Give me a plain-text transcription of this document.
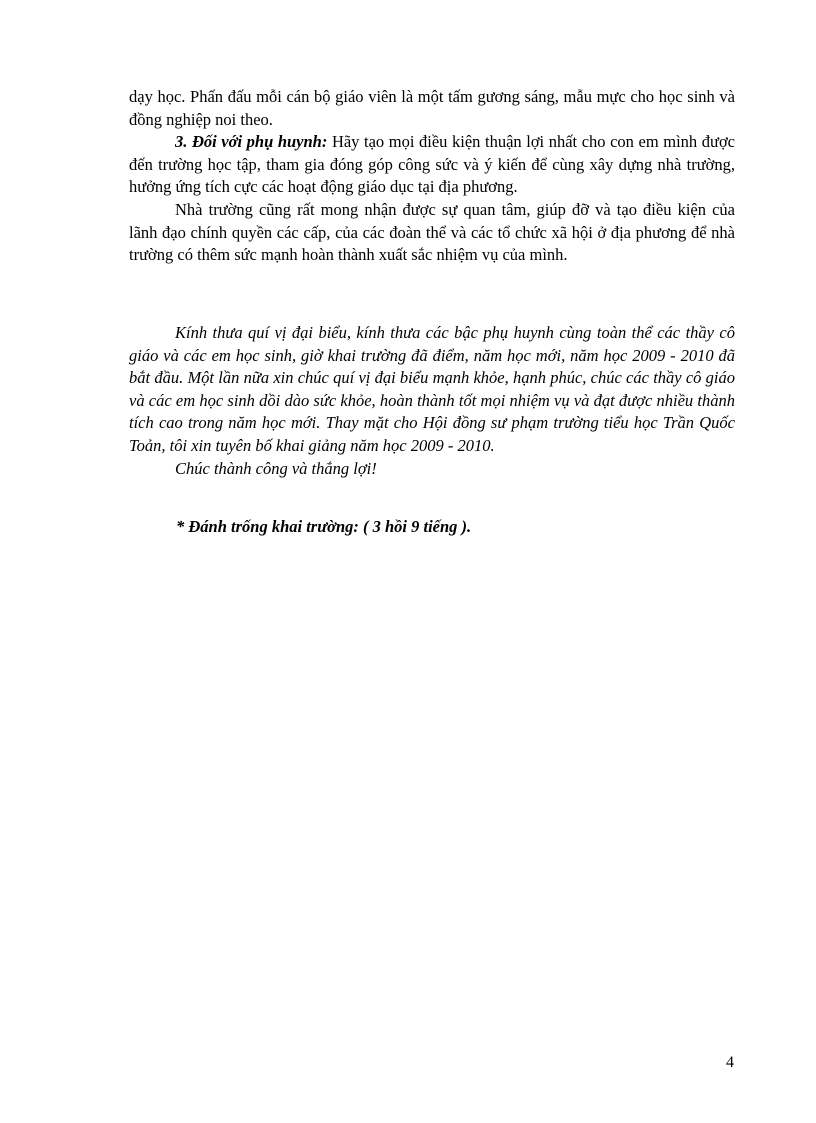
dạy học. Phấn đấu mỗi cán bộ giáo viên là một tấm gương sáng, mẫu mực cho học sinh và đồng nghiệp noi theo.

3. Đối với phụ huynh: Hãy tạo mọi điều kiện thuận lợi nhất cho con em mình được đến trường học tập, tham gia đóng góp công sức và ý kiến để cùng xây dựng nhà trường, hưởng ứng tích cực các hoạt động giáo dục tại địa phương.

Nhà trường cũng rất mong nhận được sự quan tâm, giúp đỡ và tạo điều kiện của lãnh đạo chính quyền các cấp, của các đoàn thể và các tổ chức xã hội ở địa phương để nhà trường có thêm sức mạnh hoàn thành xuất sắc nhiệm vụ của mình.

Kính thưa quí vị đại biểu, kính thưa các bậc phụ huynh cùng toàn thể các thầy cô giáo và các em học sinh, giờ khai trường đã điểm, năm học mới, năm học 2009 - 2010 đã bắt đầu. Một lần nữa xin chúc quí vị đại biểu mạnh khỏe, hạnh phúc, chúc các thầy cô giáo và các em học sinh dồi dào sức khỏe, hoàn thành tốt mọi nhiệm vụ và đạt được nhiều thành tích cao trong năm học mới. Thay mặt cho Hội đồng sư phạm trường tiểu học Trần Quốc Toản, tôi xin tuyên bố khai giảng năm học 2009 - 2010.

Chúc thành công và thắng lợi!

* Đánh trống khai trường: ( 3 hồi 9 tiếng ).
4
